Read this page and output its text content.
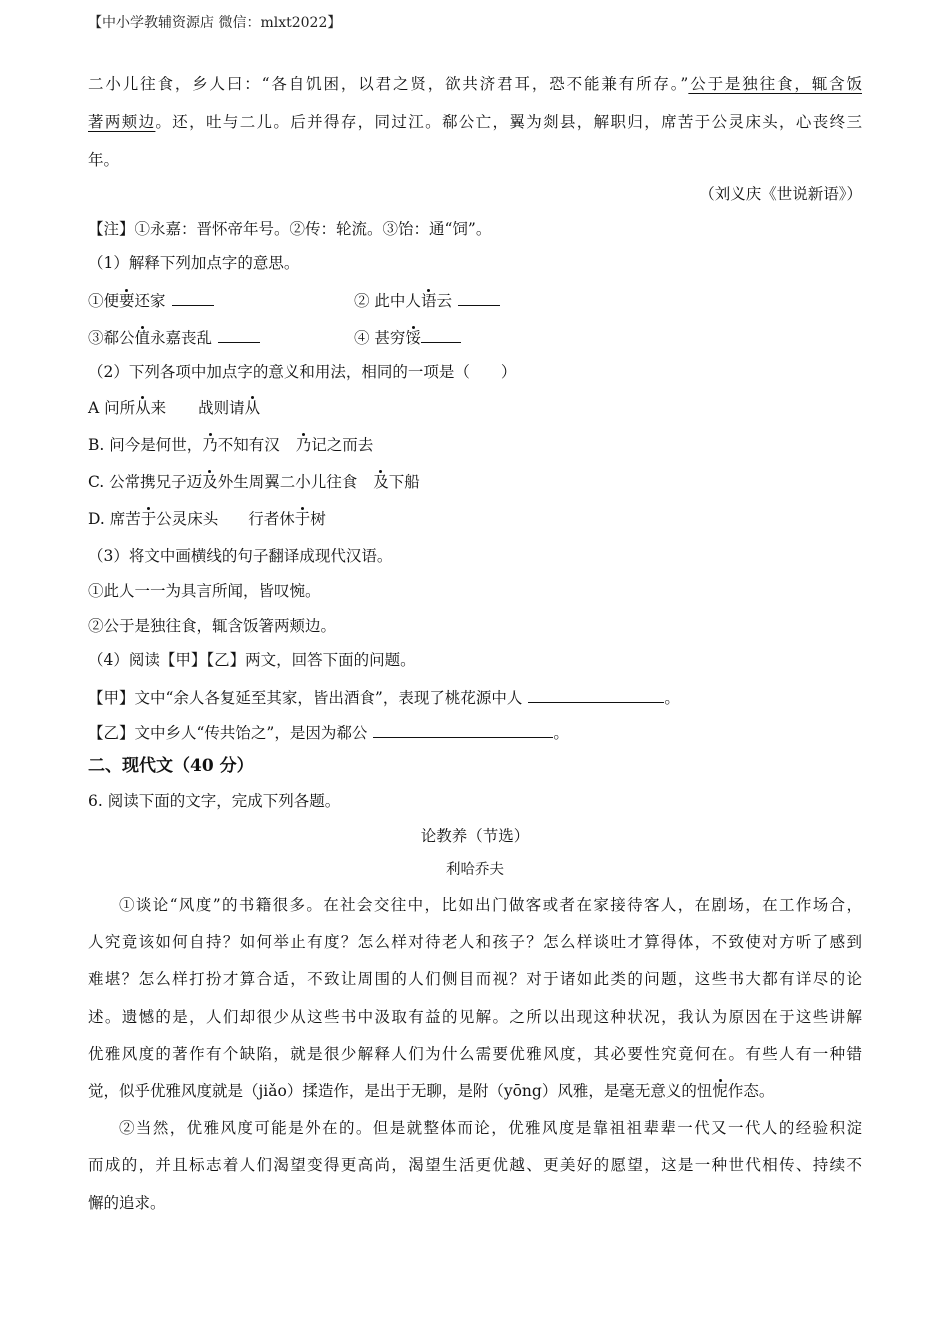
【中小学教辅资源店 微信：mlxt2022】
二小儿往食，乡人曰：“各自饥困，以君之贤，欲共济君耳，恐不能兼有所存。”公于是独往食，辄含饭
著两颊边。还，吐与二儿。后并得存，同过江。郗公亡，翼为剡县，解职归，席苦于公灵床头，心丧终三
年。
（刘义庆《世说新语》）
【注】①永嘉：晋怀帝年号。②传：轮流。③饴：通“饲”。
（1）解释下列加点字的意思。
①便要还家	② 此中人语云
③郗公值永嘉丧乱	④ 甚穷馁
（2）下列各项中加点字的意义和用法，相同的一项是（　　）
A 问所从来 战则请从
B. 问今是何世，乃不知有汉 乃记之而去
C. 公常携兄子迈及外生周翼二小儿往食 及下船
D. 席苦于公灵床头 行者休于树
（3）将文中画横线的句子翻译成现代汉语。
①此人一一为具言所闻，皆叹惋。
②公于是独往食，辄含饭箸两颊边。
（4）阅读【甲】【乙】两文，回答下面的问题。
【甲】文中“余人各复延至其家，皆出酒食”，表现了桃花源中人	。
【乙】文中乡人“传共饴之”，是因为郗公	。
二、现代文（40 分）
6. 阅读下面的文字，完成下列各题。
论教养（节选）
利哈乔夫
①谈论“风度”的书籍很多。在社会交往中，比如出门做客或者在家接待客人，在剧场，在工作场合，
人究竟该如何自持？如何举止有度？怎么样对待老人和孩子？怎么样谈吐才算得体，不致使对方听了感到
难堪？怎么样打扮才算合适，不致让周围的人们侧目而视？对于诸如此类的问题，这些书大都有详尽的论
述。遗憾的是，人们却很少从这些书中汲取有益的见解。之所以出现这种状况，我认为原因在于这些讲解
优雅风度的著作有个缺陷，就是很少解释人们为什么需要优雅风度，其必要性究竟何在。有些人有一种错
觉，似乎优雅风度就是（jiǎo）揉造作，是出于无聊，是附（yōng）风雅，是毫无意义的忸怩作态。
②当然，优雅风度可能是外在的。但是就整体而论，优雅风度是靠祖祖辈辈一代又一代人的经验积淀
而成的，并且标志着人们渴望变得更高尚，渴望生活更优越、更美好的愿望，这是一种世代相传、持续不
懈的追求。
